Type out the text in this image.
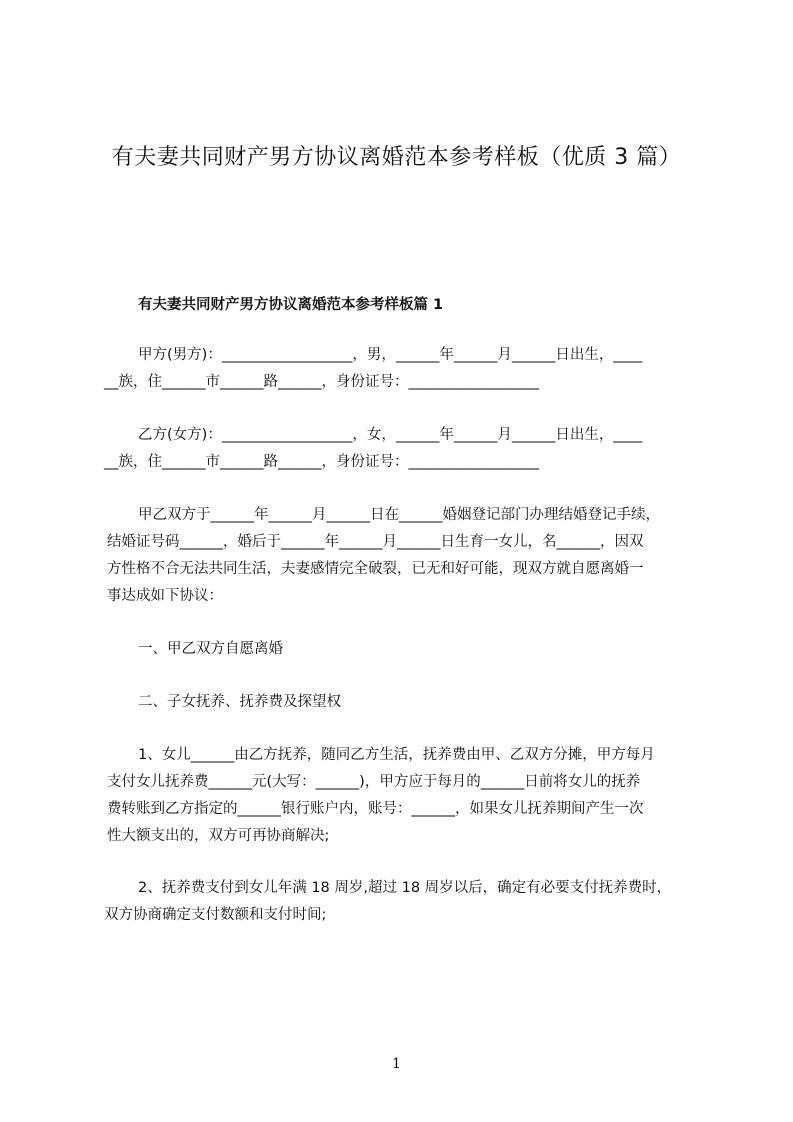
有夫妻共同财产男方协议离婚范本参考样板（优质 3 篇）
有夫妻共同财产男方协议离婚范本参考样板篇 1
甲方(男方)：__________________，男，______年______月______日出生，____
__族，住______市______路______，身份证号：__________________
乙方(女方)：__________________，女，______年______月______日出生，____
__族，住______市______路______，身份证号：__________________
甲乙双方于______年______月______日在______婚姻登记部门办理结婚登记手续，
结婚证号码______，婚后于______年______月______日生育一女儿，名______，因双
方性格不合无法共同生活，夫妻感情完全破裂，已无和好可能，现双方就自愿离婚一
事达成如下协议：
一、甲乙双方自愿离婚
二、子女抚养、抚养费及探望权
1、女儿______由乙方抚养，随同乙方生活，抚养费由甲、乙双方分摊，甲方每月
支付女儿抚养费______元(大写：______)，甲方应于每月的______日前将女儿的抚养
费转账到乙方指定的______银行账户内，账号：______，如果女儿抚养期间产生一次
性大额支出的，双方可再协商解决;
2、抚养费支付到女儿年满 18 周岁,超过 18 周岁以后，确定有必要支付抚养费时，
双方协商确定支付数额和支付时间;
1
